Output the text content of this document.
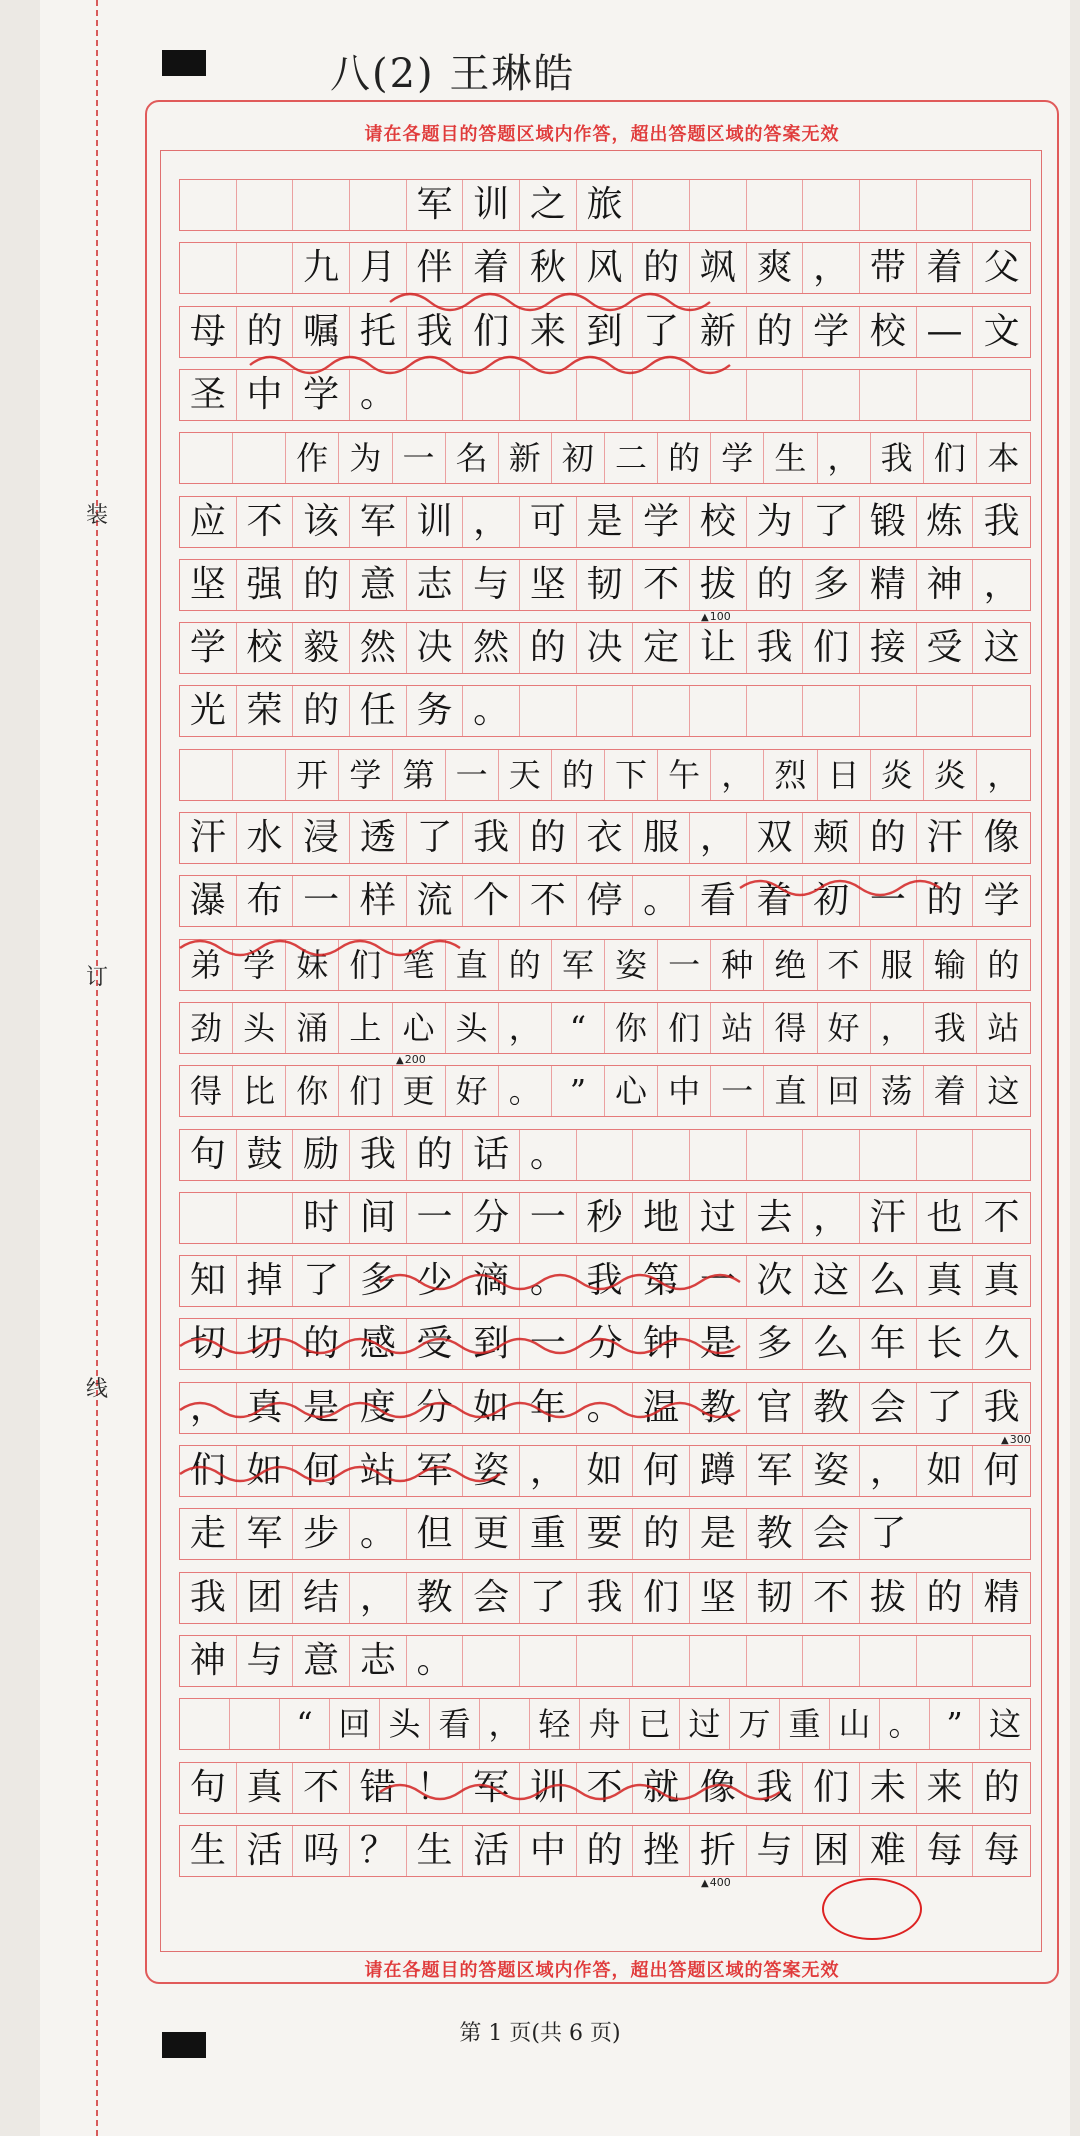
装
订
线
八(2) 王琳皓
请在各题目的答题区域内作答，超出答题区域的答案无效
请在各题目的答题区域内作答，超出答题区域的答案无效
军 训 之 旅
九 月 伴 着 秋 风 的 飒 爽 ， 带 着 父
母 的 嘱 托 我 们 来 到 了 新 的 学 校 — 文
圣 中 学 。
作 为 一 名 新 初 二 的 学 生 ， 我 们 本
应 不 该 军 训 ， 可 是 学 校 为 了 锻 炼 我
坚 强 的 意 志 与 坚 韧 不 拔 的 多 精 神 ，
学 校 毅 然 决 然 的 决 定 让 我 们 接 受 这
光 荣 的 任 务 。
开 学 第 一 天 的 下 午 ， 烈 日 炎 炎 ，
汗 水 浸 透 了 我 的 衣 服 ， 双 颊 的 汗 像
瀑 布 一 样 流 个 不 停 。 看 着 初 一 的 学
弟 学 妹 们 笔 直 的 军 姿 一 种 绝 不 服 输 的
劲 头 涌 上 心 头 ， “ 你 们 站 得 好 ， 我 站
得 比 你 们 更 好 。 ” 心 中 一 直 回 荡 着 这
句 鼓 励 我 的 话 。
时 间 一 分 一 秒 地 过 去 ， 汗 也 不
知 掉 了 多 少 滴 。 我 第 一 次 这 么 真 真
切 切 的 感 受 到 一 分 钟 是 多 么 年 长 久
， 真 是 度 分 如 年 。 温 教 官 教 会 了 我
们 如 何 站 军 姿 ， 如 何 蹲 军 姿 ， 如 何
走 军 步 。 但 更 重 要 的 是 教 会 了
我 团 结 ， 教 会 了 我 们 坚 韧 不 拔 的 精
神 与 意 志 。
“ 回 头 看 ， 轻 舟 已 过 万 重 山 。 ” 这
句 真 不 错 ！ 军 训 不 就 像 我 们 未 来 的
生 活 吗 ？ 生 活 中 的 挫 折 与 困 难 每 每
▲ 100
▲ 200
▲ 300
▲ 400
第 1 页(共 6 页)
